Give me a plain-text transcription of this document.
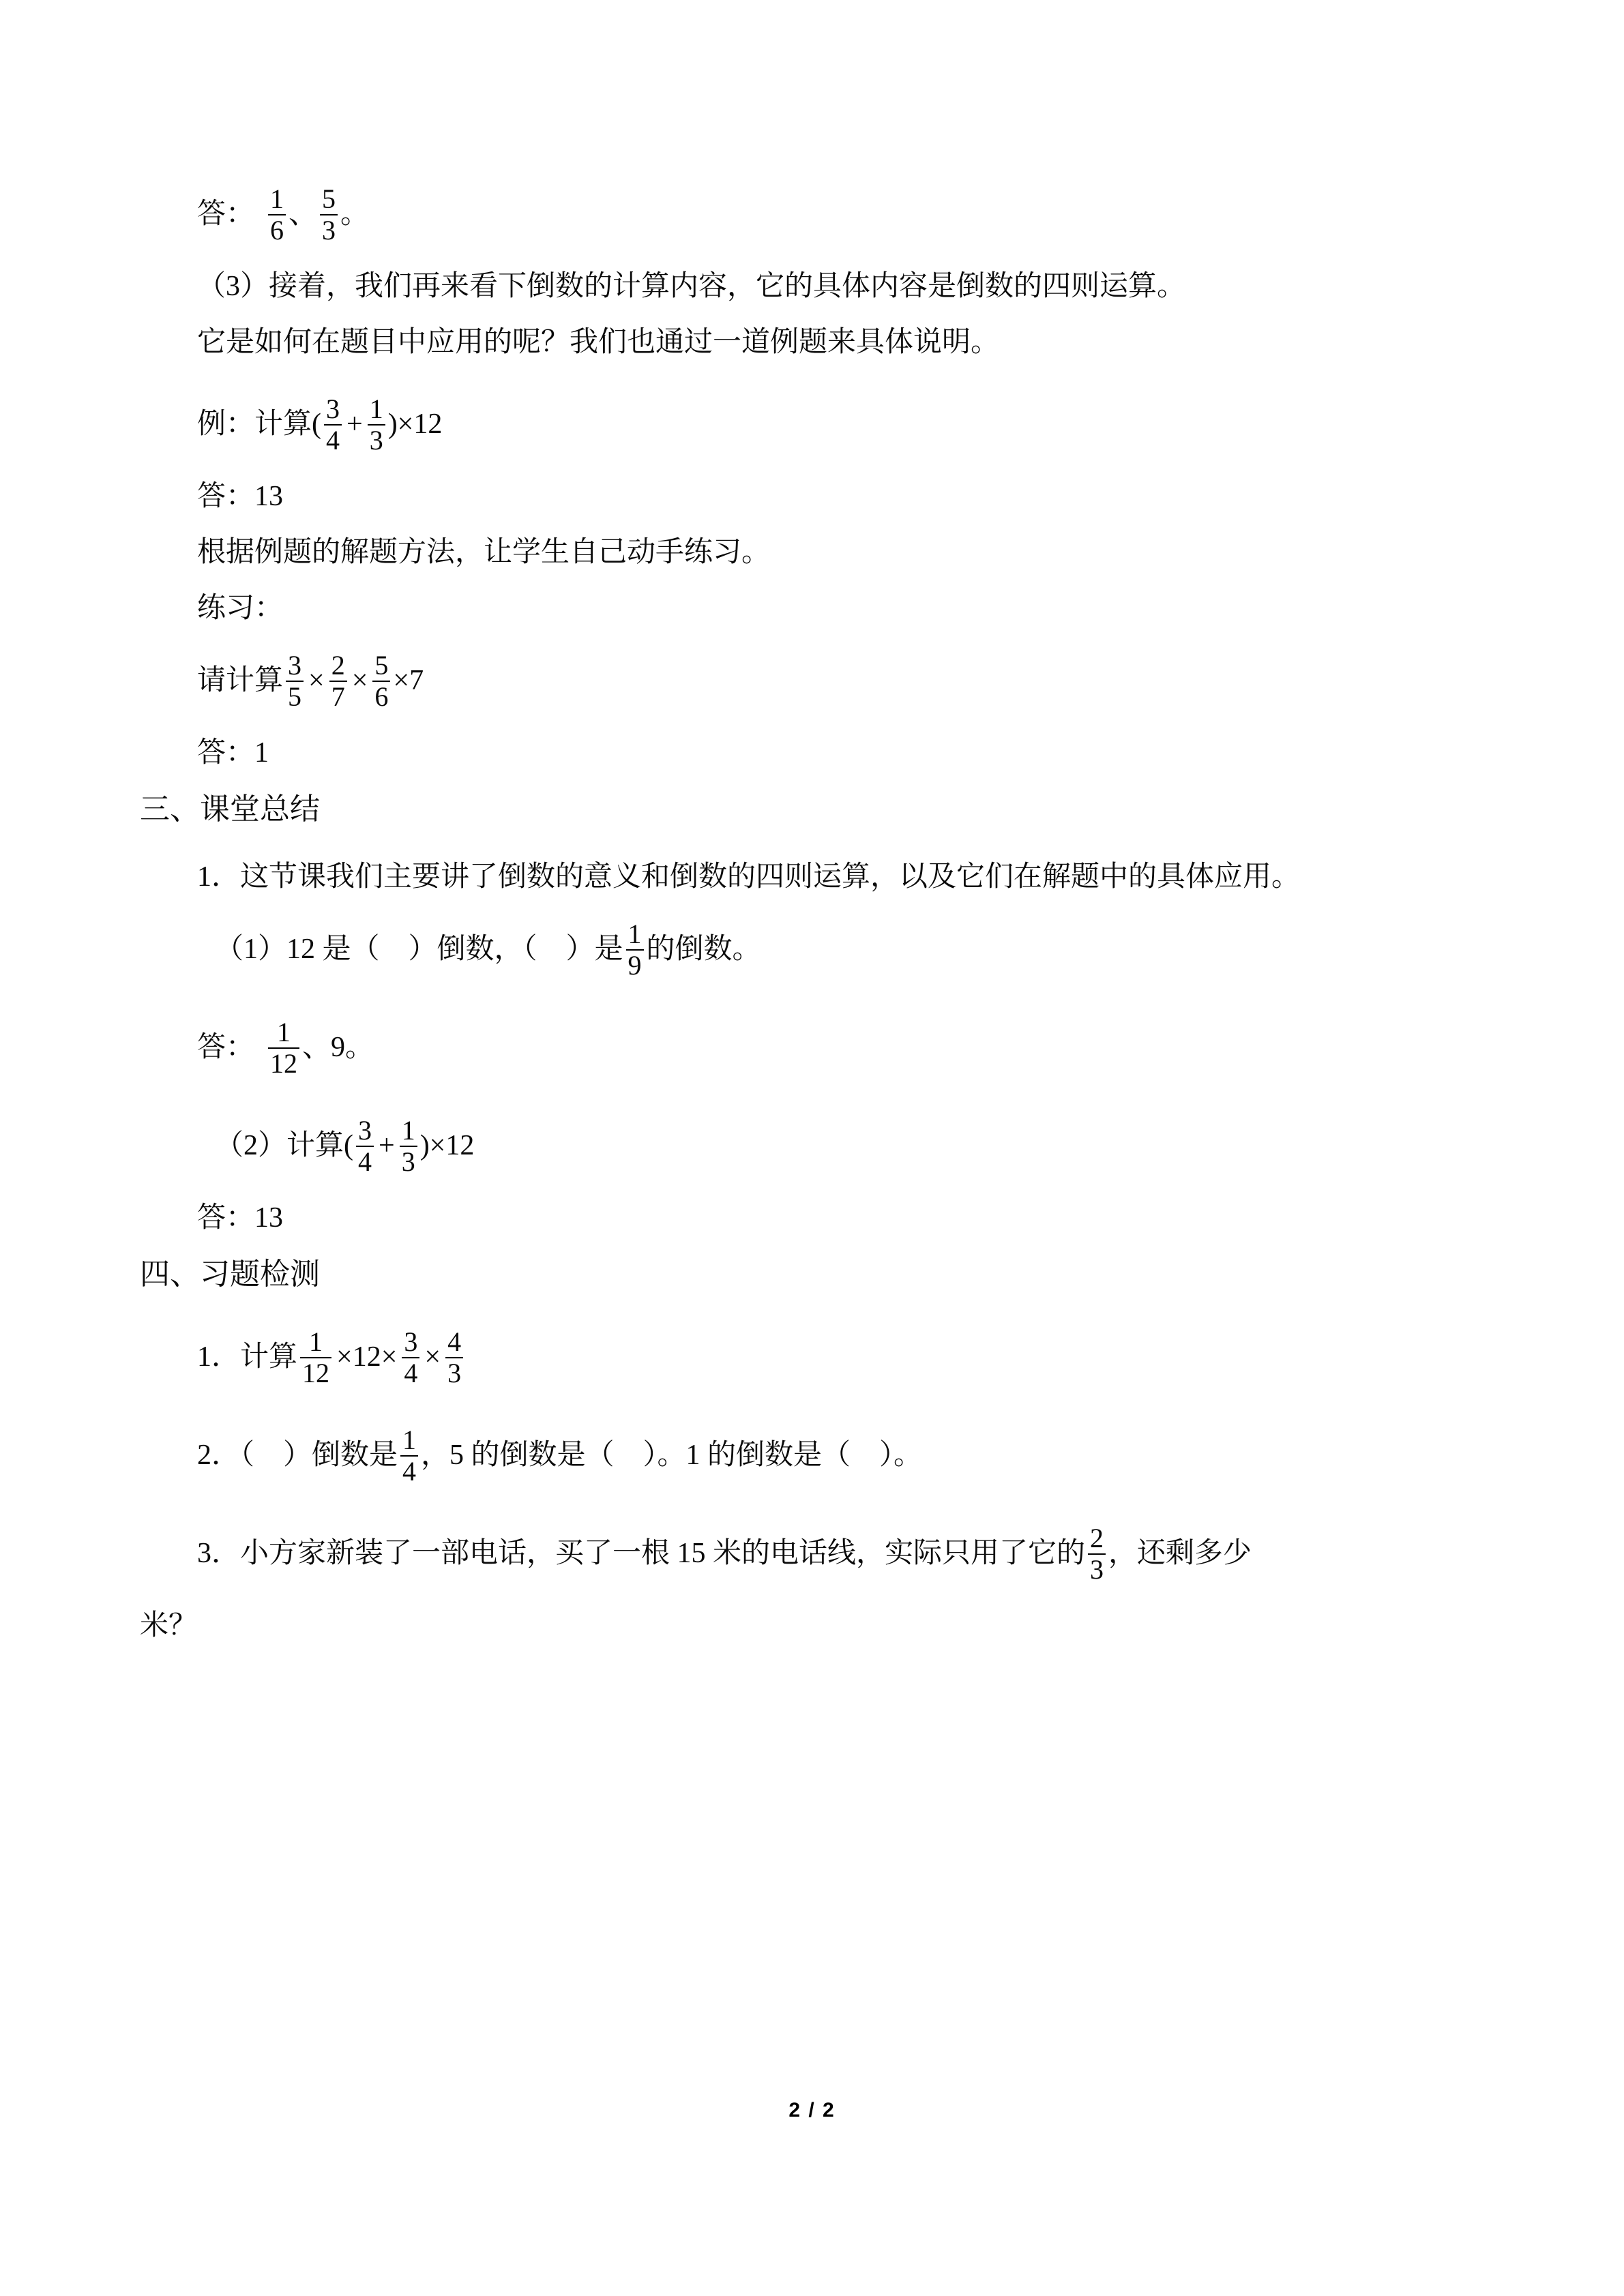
答： $\frac{1}{6}$ 、 $\frac{5}{3}$ 。
（3）接着，我们再来看下倒数的计算内容，它的具体内容是倒数的四则运算。
它是如何在题目中应用的呢？我们也通过一道例题来具体说明。
例：计算( $\frac{3}{4} + \frac{1}{3} )\times 12$
答：13
根据例题的解题方法，让学生自己动手练习。
练习：
请计算 $\frac{3}{5} \times \frac{2}{7} \times \frac{5}{6} \times 7$
答：1
三、课堂总结
1．这节课我们主要讲了倒数的意义和倒数的四则运算，以及它们在解题中的具体应用。
（1）12 是（　）倒数，（　）是 $\frac{1}{9}$ 的倒数。
答： $\frac{1}{12}$ 、9。
（2）计算( $\frac{3}{4} + \frac{1}{3} )\times 12$
答：13
四、习题检测
1．计算 $\frac{1}{12} \times 12\times \frac{3}{4} \times \frac{4}{3}$
2．（　）倒数是 $\frac{1}{4}$ ，5 的倒数是（　）。1 的倒数是（　）。
3．小方家新装了一部电话，买了一根 15 米的电话线，实际只用了它的 $\frac{2}{3}$ ，还剩多少
米？
2 / 2
